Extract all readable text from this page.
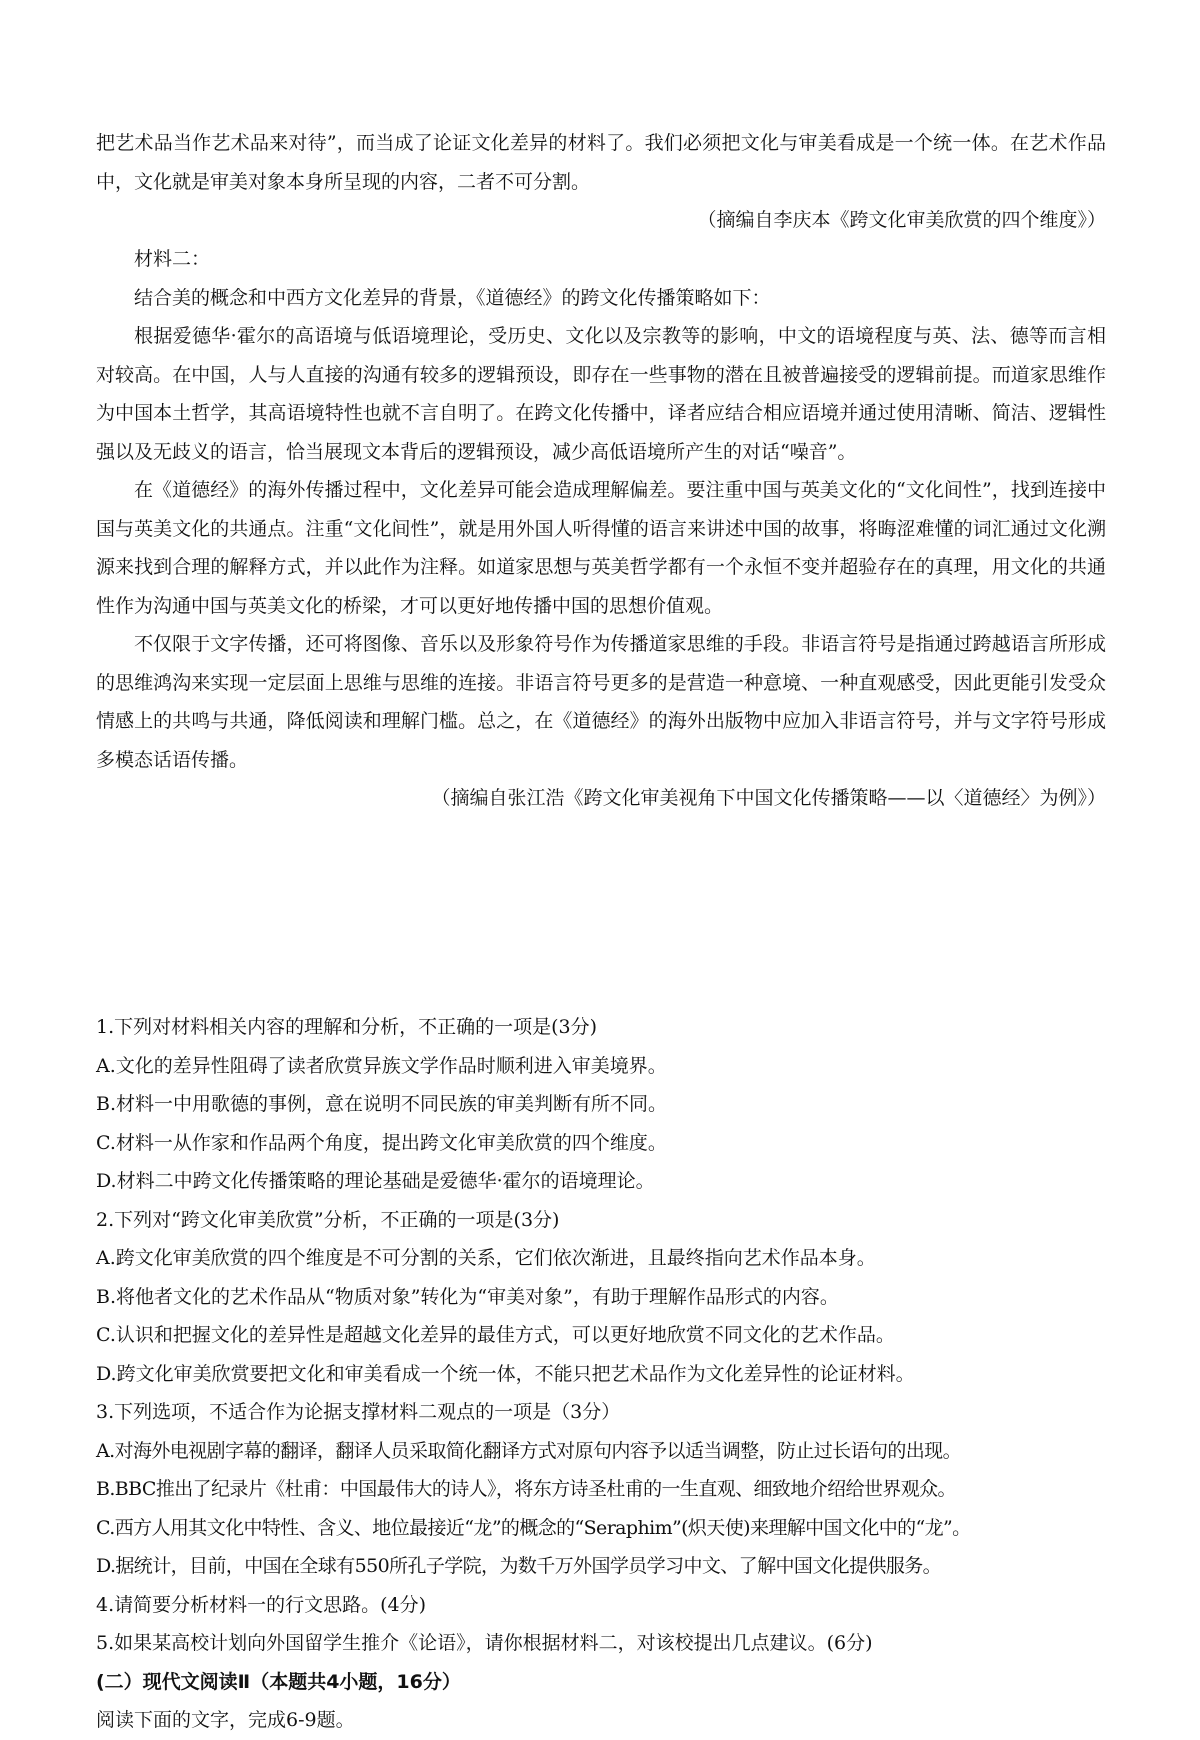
把艺术品当作艺术品来对待”，而当成了论证文化差异的材料了。我们必须把文化与审美看成是一个统一体。在艺术作品中，文化就是审美对象本身所呈现的内容，二者不可分割。

（摘编自李庆本《跨文化审美欣赏的四个维度》）

材料二：

结合美的概念和中西方文化差异的背景，《道德经》的跨文化传播策略如下：

根据爱德华·霍尔的高语境与低语境理论，受历史、文化以及宗教等的影响，中文的语境程度与英、法、德等而言相对较高。在中国，人与人直接的沟通有较多的逻辑预设，即存在一些事物的潜在且被普遍接受的逻辑前提。而道家思维作为中国本土哲学，其高语境特性也就不言自明了。在跨文化传播中，译者应结合相应语境并通过使用清晰、简洁、逻辑性强以及无歧义的语言，恰当展现文本背后的逻辑预设，减少高低语境所产生的对话“噪音”。

在《道德经》的海外传播过程中，文化差异可能会造成理解偏差。要注重中国与英美文化的“文化间性”，找到连接中国与英美文化的共通点。注重“文化间性”，就是用外国人听得懂的语言来讲述中国的故事，将晦涩难懂的词汇通过文化溯源来找到合理的解释方式，并以此作为注释。如道家思想与英美哲学都有一个永恒不变并超验存在的真理，用文化的共通性作为沟通中国与英美文化的桥梁，才可以更好地传播中国的思想价值观。

不仅限于文字传播，还可将图像、音乐以及形象符号作为传播道家思维的手段。非语言符号是指通过跨越语言所形成的思维鸿沟来实现一定层面上思维与思维的连接。非语言符号更多的是营造一种意境、一种直观感受，因此更能引发受众情感上的共鸣与共通，降低阅读和理解门槛。总之，在《道德经》的海外出版物中应加入非语言符号，并与文字符号形成多模态话语传播。

（摘编自张江浩《跨文化审美视角下中国文化传播策略——以〈道德经〉为例》）

1.下列对材料相关内容的理解和分析，不正确的一项是(3分)

A.文化的差异性阻碍了读者欣赏异族文学作品时顺利进入审美境界。

B.材料一中用歌德的事例，意在说明不同民族的审美判断有所不同。

C.材料一从作家和作品两个角度，提出跨文化审美欣赏的四个维度。

D.材料二中跨文化传播策略的理论基础是爱德华·霍尔的语境理论。

2.下列对“跨文化审美欣赏”分析，不正确的一项是(3分)

A.跨文化审美欣赏的四个维度是不可分割的关系，它们依次渐进，且最终指向艺术作品本身。

B.将他者文化的艺术作品从“物质对象”转化为“审美对象”，有助于理解作品形式的内容。

C.认识和把握文化的差异性是超越文化差异的最佳方式，可以更好地欣赏不同文化的艺术作品。

D.跨文化审美欣赏要把文化和审美看成一个统一体，不能只把艺术品作为文化差异性的论证材料。

3.下列选项，不适合作为论据支撑材料二观点的一项是（3分）

A.对海外电视剧字幕的翻译，翻译人员采取简化翻译方式对原句内容予以适当调整，防止过长语句的出现。

B.BBC推出了纪录片《杜甫：中国最伟大的诗人》，将东方诗圣杜甫的一生直观、细致地介绍给世界观众。

C.西方人用其文化中特性、含义、地位最接近“龙”的概念的“Seraphim”(炽天使)来理解中国文化中的“龙”。

D.据统计，目前，中国在全球有550所孔子学院，为数千万外国学员学习中文、了解中国文化提供服务。

4.请简要分析材料一的行文思路。(4分)

5.如果某高校计划向外国留学生推介《论语》，请你根据材料二，对该校提出几点建议。(6分)

(二）现代文阅读Ⅱ（本题共4小题，16分）

阅读下面的文字，完成6-9题。
